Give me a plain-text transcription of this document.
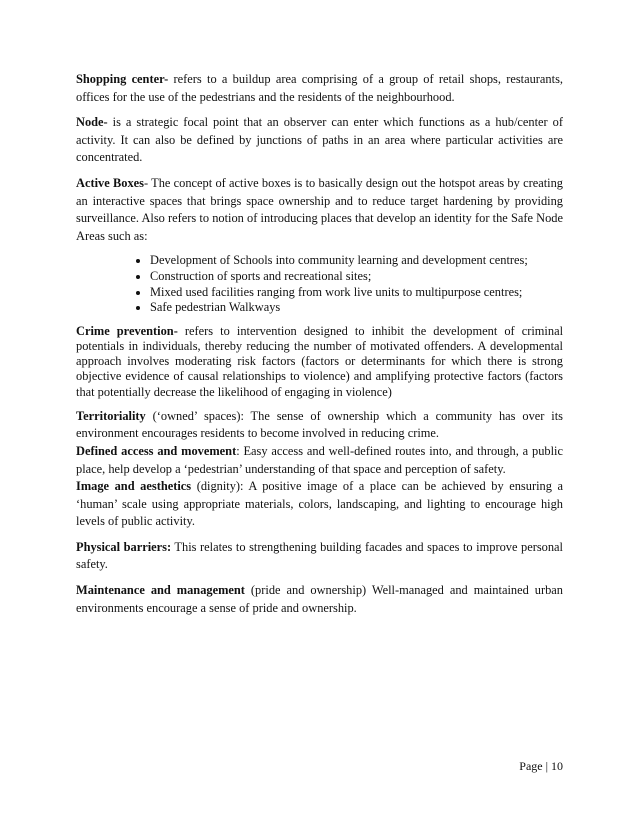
Shopping center- refers to a buildup area comprising of a group of retail shops, restaurants, offices for the use of the pedestrians and the residents of the neighbourhood.

Node- is a strategic focal point that an observer can enter which functions as a hub/center of activity. It can also be defined by junctions of paths in an area where particular activities are concentrated.

Active Boxes- The concept of active boxes is to basically design out the hotspot areas by creating an interactive spaces that brings space ownership and to reduce target hardening by providing surveillance. Also refers to notion of introducing places that develop an identity for the Safe Node Areas such as:

• Development of Schools into community learning and development centres;
• Construction of sports and recreational sites;
• Mixed used facilities ranging from work live units to multipurpose centres;
• Safe pedestrian Walkways

Crime prevention- refers to intervention designed to inhibit the development of criminal potentials in individuals, thereby reducing the number of motivated offenders. A developmental approach involves moderating risk factors (factors or determinants for which there is strong objective evidence of causal relationships to violence) and amplifying protective factors (factors that potentially decrease the likelihood of engaging in violence)

Territoriality (‘owned’ spaces): The sense of ownership which a community has over its environment encourages residents to become involved in reducing crime.

Defined access and movement: Easy access and well-defined routes into, and through, a public place, help develop a ‘pedestrian’ understanding of that space and perception of safety.

Image and aesthetics (dignity): A positive image of a place can be achieved by ensuring a ‘human’ scale using appropriate materials, colors, landscaping, and lighting to encourage high levels of public activity.

Physical barriers: This relates to strengthening building facades and spaces to improve personal safety.

Maintenance and management (pride and ownership) Well-managed and maintained urban environments encourage a sense of pride and ownership.

Page | 10
